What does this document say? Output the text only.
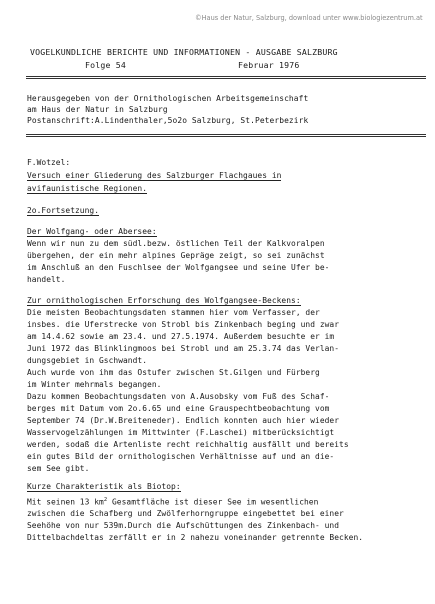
©Haus der Natur, Salzburg, download unter www.biologiezentrum.at
VOGELKUNDLICHE BERICHTE UND INFORMATIONEN - AUSGABE SALZBURG
Folge 54	Februar 1976
Herausgegeben von der Ornithologischen Arbeitsgemeinschaft
am Haus der Natur in Salzburg
Postanschrift:A.Lindenthaler,5o2o Salzburg, St.Peterbezirk
F.Wotzel:
Versuch einer Gliederung des Salzburger Flachgaues in
avifaunistische Regionen.
2o.Fortsetzung.
Der Wolfgang- oder Abersee:
Wenn wir nun zu dem südl.bezw. östlichen Teil der Kalkvoralpen
übergehen, der ein mehr alpines Gepräge zeigt, so sei zunächst
im Anschluß an den Fuschlsee der Wolfgangsee und seine Ufer be-
handelt.
Zur ornithologischen Erforschung des Wolfgangsee-Beckens:
Die meisten Beobachtungsdaten stammen hier vom Verfasser, der
insbes. die Uferstrecke von Strobl bis Zinkenbach beging und zwar
am 14.4.62 sowie am 23.4. und 27.5.1974. Außerdem besuchte er im
Juni 1972 das Blinklingmoos bei Strobl und am 25.3.74 das Verlan-
dungsgebiet in Gschwandt.
Auch wurde von ihm das Ostufer zwischen St.Gilgen und Fürberg
im Winter mehrmals begangen.
Dazu kommen Beobachtungsdaten von A.Ausobsky vom Fuß des Schaf-
berges mit Datum vom 2o.6.65 und eine Grauspechtbeobachtung vom
September 74 (Dr.W.Breiteneder). Endlich konnten auch hier wieder
Wasservogelzählungen im Mittwinter (F.Laschei) mitberücksichtigt
werden, sodaß die Artenliste recht reichhaltig ausfällt und bereits
ein gutes Bild der ornithologischen Verhältnisse auf und an die-
sem See gibt.
Kurze Charakteristik als Biotop:
Mit seinen 13 $km^2$ Gesamtfläche ist dieser See im wesentlichen
zwischen die Schafberg und Zwölferhorngruppe eingebettet bei einer
Seehöhe von nur 539m.Durch die Aufschüttungen des Zinkenbach- und
Dittelbachdeltas zerfällt er in 2 nahezu voneinander getrennte Becken.
